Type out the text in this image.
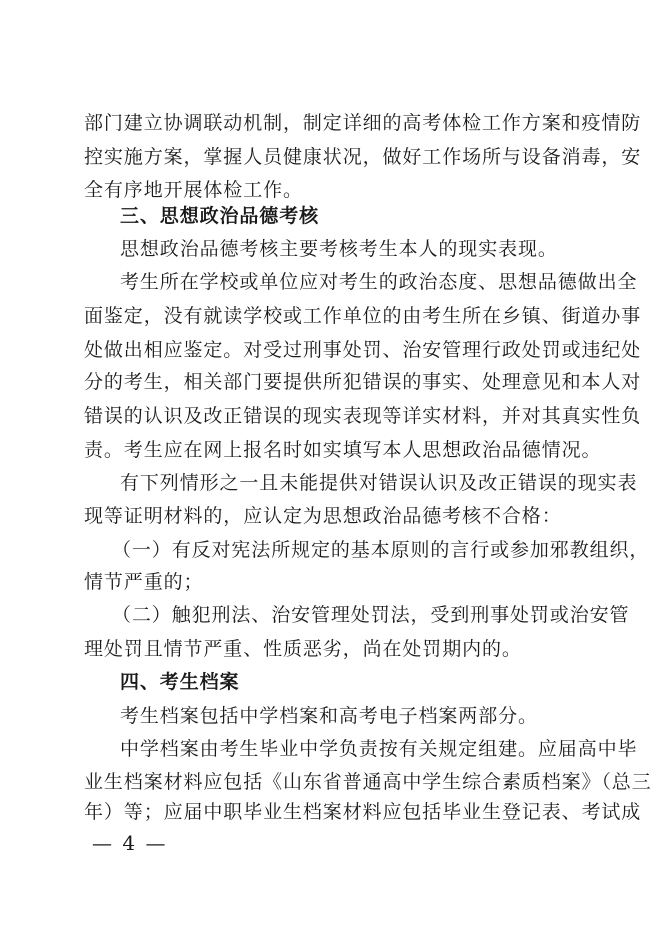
部门建立协调联动机制，制定详细的高考体检工作方案和疫情防
控实施方案，掌握人员健康状况，做好工作场所与设备消毒，安
全有序地开展体检工作。
三、思想政治品德考核
思想政治品德考核主要考核考生本人的现实表现。
考生所在学校或单位应对考生的政治态度、思想品德做出全
面鉴定，没有就读学校或工作单位的由考生所在乡镇、街道办事
处做出相应鉴定。对受过刑事处罚、治安管理行政处罚或违纪处
分的考生，相关部门要提供所犯错误的事实、处理意见和本人对
错误的认识及改正错误的现实表现等详实材料，并对其真实性负
责。考生应在网上报名时如实填写本人思想政治品德情况。
有下列情形之一且未能提供对错误认识及改正错误的现实表
现等证明材料的，应认定为思想政治品德考核不合格：
（一）有反对宪法所规定的基本原则的言行或参加邪教组织，
情节严重的；
（二）触犯刑法、治安管理处罚法，受到刑事处罚或治安管
理处罚且情节严重、性质恶劣，尚在处罚期内的。
四、考生档案
考生档案包括中学档案和高考电子档案两部分。
中学档案由考生毕业中学负责按有关规定组建。应届高中毕
业生档案材料应包括《山东省普通高中学生综合素质档案》（总三
年）等；应届中职毕业生档案材料应包括毕业生登记表、考试成
— 4 —
